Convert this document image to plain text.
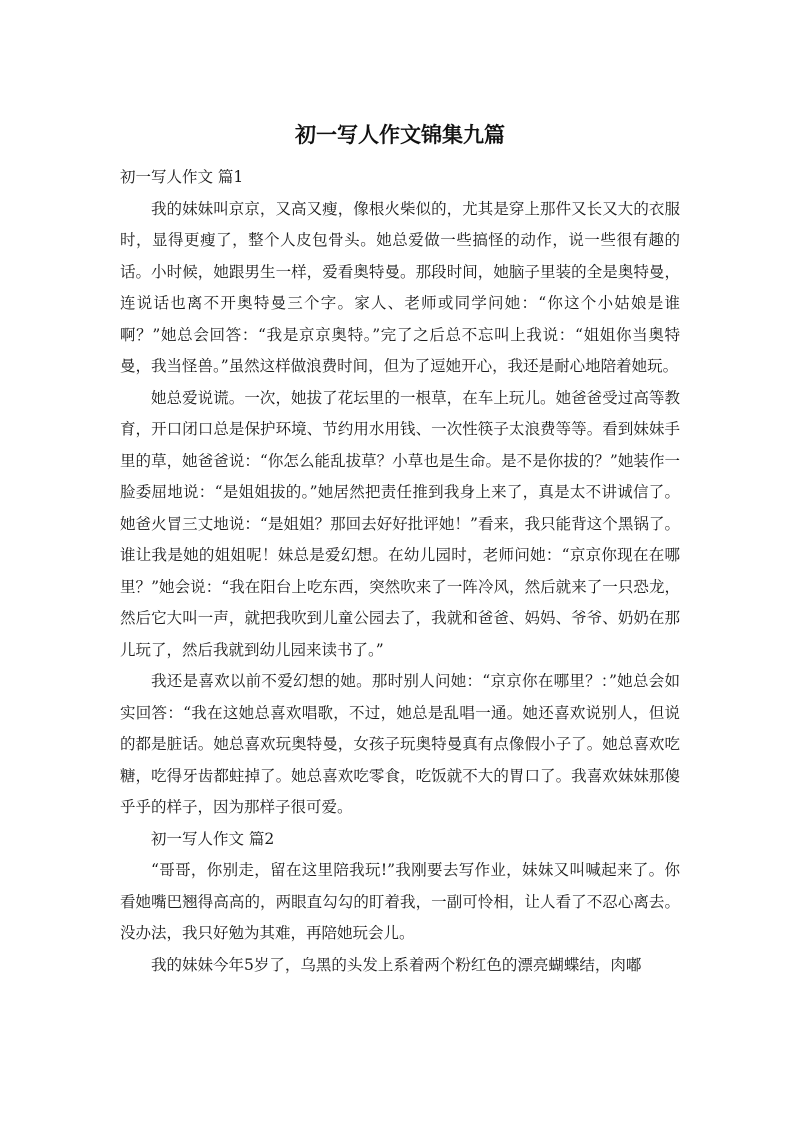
初一写人作文锦集九篇

初一写人作文 篇1

我的妹妹叫京京，又高又瘦，像根火柴似的，尤其是穿上那件又长又大的衣服时，显得更瘦了，整个人皮包骨头。她总爱做一些搞怪的动作，说一些很有趣的话。小时候，她跟男生一样，爱看奥特曼。那段时间，她脑子里装的全是奥特曼，连说话也离不开奥特曼三个字。家人、老师或同学问她：“你这个小姑娘是谁啊？”她总会回答：“我是京京奥特。”完了之后总不忘叫上我说：“姐姐你当奥特曼，我当怪兽。”虽然这样做浪费时间，但为了逗她开心，我还是耐心地陪着她玩。

她总爱说谎。一次，她拔了花坛里的一根草，在车上玩儿。她爸爸受过高等教育，开口闭口总是保护环境、节约用水用钱、一次性筷子太浪费等等。看到妹妹手里的草，她爸爸说：“你怎么能乱拔草？小草也是生命。是不是你拔的？”她装作一脸委屈地说：“是姐姐拔的。”她居然把责任推到我身上来了，真是太不讲诚信了。她爸火冒三丈地说：“是姐姐？那回去好好批评她！”看来，我只能背这个黑锅了。谁让我是她的姐姐呢！妹总是爱幻想。在幼儿园时，老师问她：“京京你现在在哪里？”她会说：“我在阳台上吃东西，突然吹来了一阵冷风，然后就来了一只恐龙，然后它大叫一声，就把我吹到儿童公园去了，我就和爸爸、妈妈、爷爷、奶奶在那儿玩了，然后我就到幼儿园来读书了。”

我还是喜欢以前不爱幻想的她。那时别人问她：“京京你在哪里？：”她总会如实回答：“我在这她总喜欢唱歌，不过，她总是乱唱一通。她还喜欢说别人，但说的都是脏话。她总喜欢玩奥特曼，女孩子玩奥特曼真有点像假小子了。她总喜欢吃糖，吃得牙齿都蛀掉了。她总喜欢吃零食，吃饭就不大的胃口了。我喜欢妹妹那傻乎乎的样子，因为那样子很可爱。

初一写人作文 篇2

“哥哥，你别走，留在这里陪我玩!”我刚要去写作业，妹妹又叫喊起来了。你看她嘴巴翘得高高的，两眼直勾勾的盯着我，一副可怜相，让人看了不忍心离去。没办法，我只好勉为其难，再陪她玩会儿。

我的妹妹今年5岁了，乌黑的头发上系着两个粉红色的漂亮蝴蝶结，肉嘟
